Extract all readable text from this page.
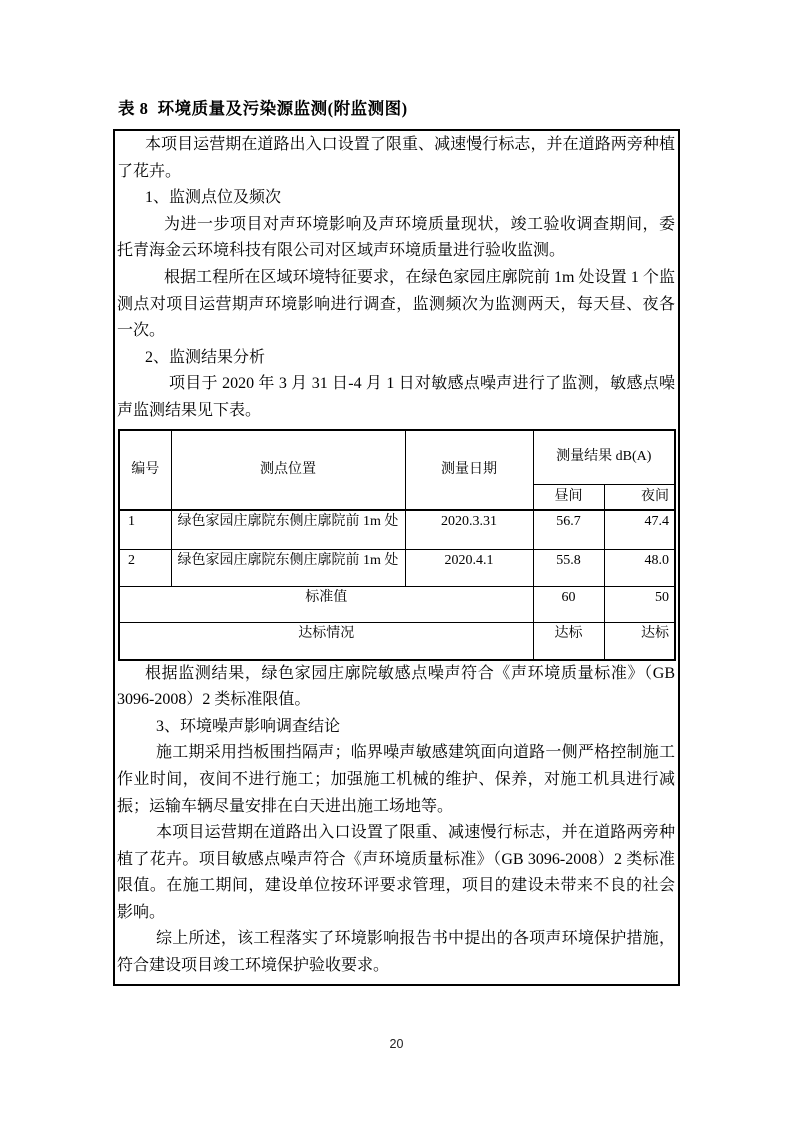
表 8  环境质量及污染源监测(附监测图)

本项目运营期在道路出入口设置了限重、减速慢行标志，并在道路两旁种植了花卉。

1、监测点位及频次

为进一步项目对声环境影响及声环境质量现状，竣工验收调查期间，委托青海金云环境科技有限公司对区域声环境质量进行验收监测。

根据工程所在区域环境特征要求，在绿色家园庄廓院前 1m 处设置 1 个监测点对项目运营期声环境影响进行调查，监测频次为监测两天，每天昼、夜各一次。

2、监测结果分析

项目于 2020 年 3 月 31 日-4 月 1 日对敏感点噪声进行了监测，敏感点噪声监测结果见下表。

编号	测点位置	测量日期	测量结果 dB(A)	
			昼间	夜间
1	绿色家园庄廓院东侧庄廓院前 1m 处	2020.3.31	56.7	47.4
2	绿色家园庄廓院东侧庄廓院前 1m 处	2020.4.1	55.8	48.0
标准值			60	50
达标情况			达标	达标

根据监测结果，绿色家园庄廓院敏感点噪声符合《声环境质量标准》（GB 3096-2008）2 类标准限值。

3、环境噪声影响调查结论

施工期采用挡板围挡隔声；临界噪声敏感建筑面向道路一侧严格控制施工作业时间，夜间不进行施工；加强施工机械的维护、保养，对施工机具进行减振；运输车辆尽量安排在白天进出施工场地等。

本项目运营期在道路出入口设置了限重、减速慢行标志，并在道路两旁种植了花卉。项目敏感点噪声符合《声环境质量标准》（GB 3096-2008）2 类标准限值。在施工期间，建设单位按环评要求管理，项目的建设未带来不良的社会影响。

综上所述，该工程落实了环境影响报告书中提出的各项声环境保护措施，符合建设项目竣工环境保护验收要求。

20
